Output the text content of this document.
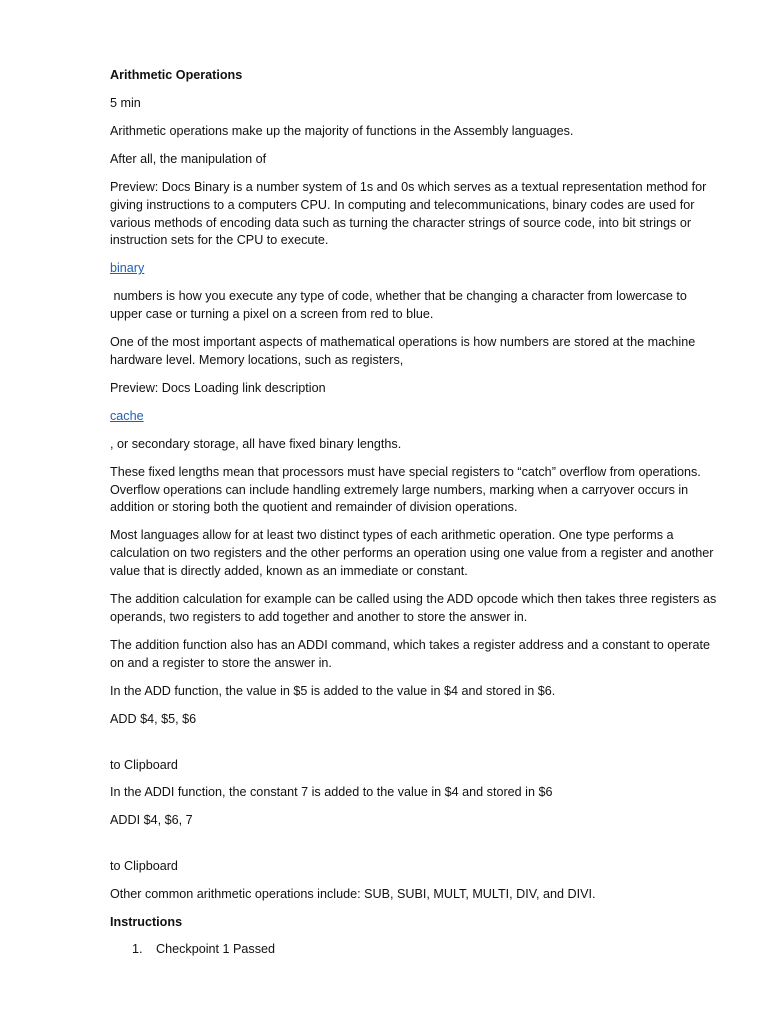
Arithmetic Operations

5 min

Arithmetic operations make up the majority of functions in the Assembly languages.

After all, the manipulation of

Preview: Docs Binary is a number system of 1s and 0s which serves as a textual representation method for giving instructions to a computers CPU. In computing and telecommunications, binary codes are used for various methods of encoding data such as turning the character strings of source code, into bit strings or instruction sets for the CPU to execute.

binary

numbers is how you execute any type of code, whether that be changing a character from lowercase to upper case or turning a pixel on a screen from red to blue.

One of the most important aspects of mathematical operations is how numbers are stored at the machine hardware level. Memory locations, such as registers,

Preview: Docs Loading link description

cache

, or secondary storage, all have fixed binary lengths.

These fixed lengths mean that processors must have special registers to “catch” overflow from operations. Overflow operations can include handling extremely large numbers, marking when a carryover occurs in addition or storing both the quotient and remainder of division operations.

Most languages allow for at least two distinct types of each arithmetic operation. One type performs a calculation on two registers and the other performs an operation using one value from a register and another value that is directly added, known as an immediate or constant.

The addition calculation for example can be called using the ADD opcode which then takes three registers as operands, two registers to add together and another to store the answer in.

The addition function also has an ADDI command, which takes a register address and a constant to operate on and a register to store the answer in.

In the ADD function, the value in $5 is added to the value in $4 and stored in $6.

ADD $4, $5, $6

to Clipboard

In the ADDI function, the constant 7 is added to the value in $4 and stored in $6

ADDI $4, $6, 7

to Clipboard

Other common arithmetic operations include: SUB, SUBI, MULT, MULTI, DIV, and DIVI.

Instructions

1.	Checkpoint 1 Passed
